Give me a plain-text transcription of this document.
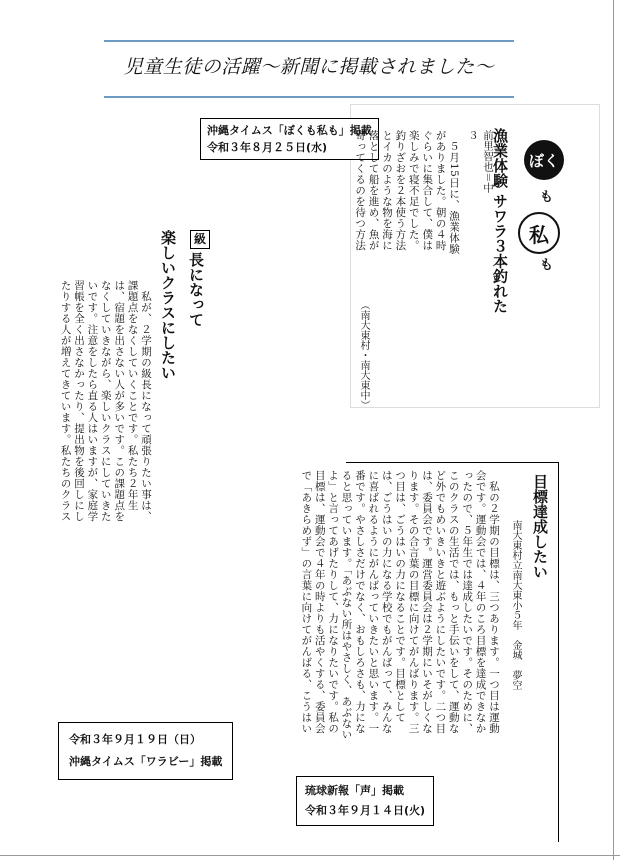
児童生徒の活躍～新聞に掲載されました～
沖縄タイムス「ぼくも私も」掲載
令和３年８月２５日(水)
ぼく
も
私
も
漁業体験 サワラ３本釣れた
前里智也＝中３
　５月15日に、漁業体験がありました。朝の４時ぐらいに集合して、僕は楽しみで寝不足でした。釣りざおを２本使う方法とイカのような物を海に落として船を進め、魚が寄ってくるのを待つ方法
（南大東村・南大東中）
級
長になって
楽しいクラスにしたい
　私が、２学期の級長になって頑張りたい事は、課題点をなくしていくことです。私たち２年生は、宿題を出さない人が多いです。この課題点をなくしていきながら、楽しいクラスにしていきたいです。注意をしたら直る人はいますが、家庭学習帳を全く出さなかったり、提出物を後回しにしたりする人が増えてきています。私たちのクラス　
令和３年９月１９日（日）
沖縄タイムス「ワラビー」掲載
目標達成したい
南大東村立南大東小５年　金城　夢空
　私の２学期の目標は、三つあります。一つ目は運動会です。運動会では、４年のころ目標を達成できなかったので、５年生では達成したいです。そのために、このクラスの生活では、もっと手伝いをして、運動など外でもめいきいきと遊ぶようにしたいです。二つ目は、委員会です。運営委員会は２学期にいそがしくなります。その合言葉の目標に向けてがんばります。三つ目は、ごうはいの力になることです。目標としては、ごうはいの力になる学校でもがんばって、みんなに喜ばれるようにがんばっていきたいと思います。一番です。やさしさだけでなく、おもしろさも、力になると思っています。「あぶない所はやさしく、あぶないよ」と言ってあげたりして、力になりたいです。私の目標は、運動会で４年の時よりも活やくする、委員会で「あきらめず」の言葉に向けてがんばる、こうはい
琉球新報「声」掲載
令和３年９月１４日(火)
